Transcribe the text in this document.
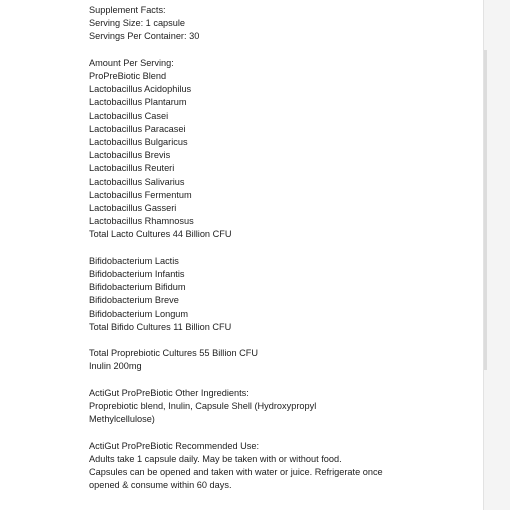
Supplement Facts:
Serving Size: 1 capsule
Servings Per Container: 30
Amount Per Serving:
ProPreBiotic Blend
Lactobacillus Acidophilus
Lactobacillus Plantarum
Lactobacillus Casei
Lactobacillus Paracasei
Lactobacillus Bulgaricus
Lactobacillus Brevis
Lactobacillus Reuteri
Lactobacillus Salivarius
Lactobacillus Fermentum
Lactobacillus Gasseri
Lactobacillus Rhamnosus
Total Lacto Cultures 44 Billion CFU
Bifidobacterium Lactis
Bifidobacterium Infantis
Bifidobacterium Bifidum
Bifidobacterium Breve
Bifidobacterium Longum
Total Bifido Cultures 11 Billion CFU
Total Proprebiotic Cultures 55 Billion CFU
Inulin 200mg
ActiGut ProPreBiotic Other Ingredients:
Proprebiotic blend, Inulin, Capsule Shell (Hydroxypropyl
Methylcellulose)
ActiGut ProPreBiotic Recommended Use:
Adults take 1 capsule daily. May be taken with or without food.
Capsules can be opened and taken with water or juice. Refrigerate once
opened & consume within 60 days.
